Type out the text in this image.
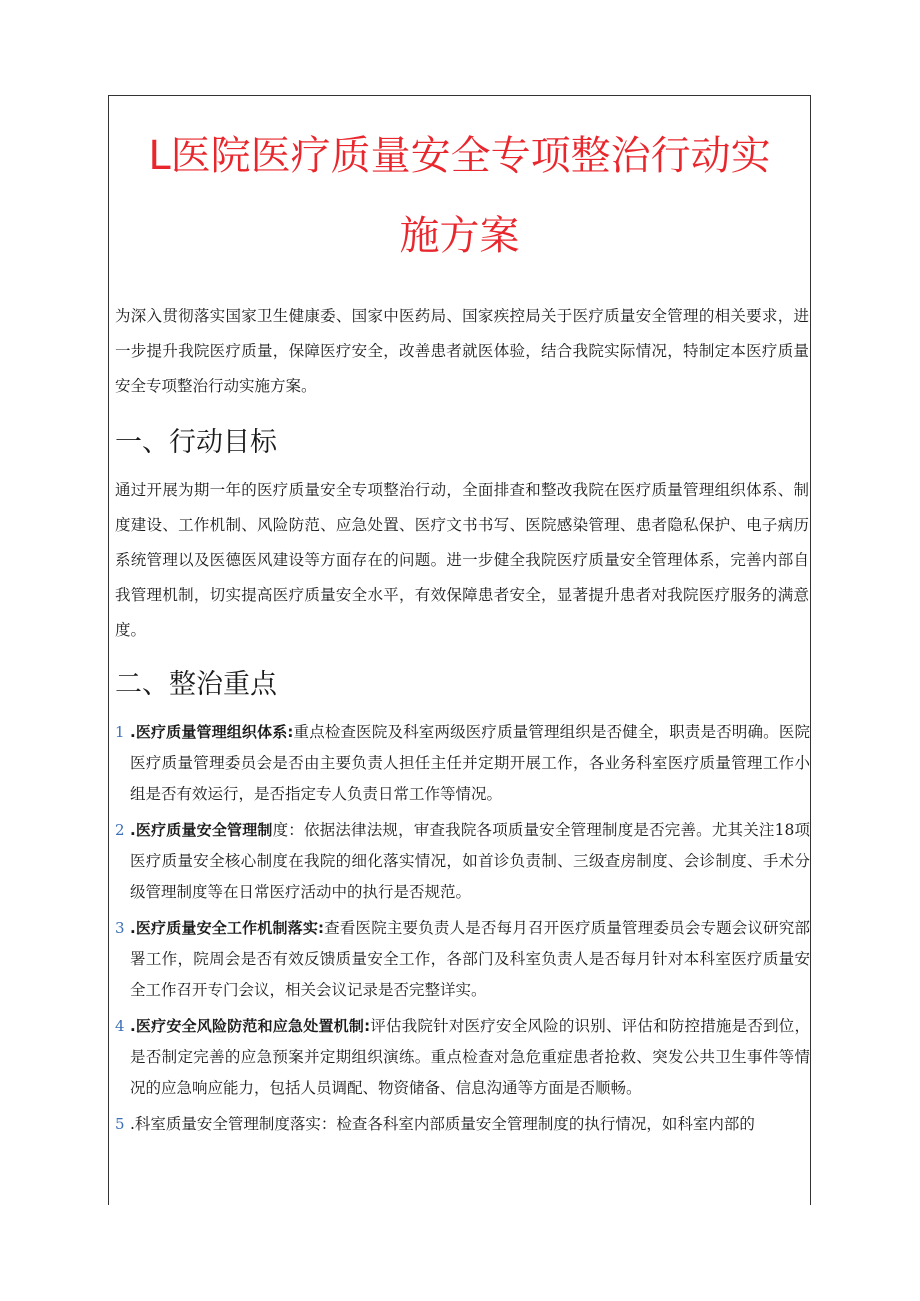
L医院医疗质量安全专项整治行动实
施方案

为深入贯彻落实国家卫生健康委、国家中医药局、国家疾控局关于医疗质量安全管理的相关要求，进一步提升我院医疗质量，保障医疗安全，改善患者就医体验，结合我院实际情况，特制定本医疗质量安全专项整治行动实施方案。

一、行动目标

通过开展为期一年的医疗质量安全专项整治行动，全面排查和整改我院在医疗质量管理组织体系、制度建设、工作机制、风险防范、应急处置、医疗文书书写、医院感染管理、患者隐私保护、电子病历系统管理以及医德医风建设等方面存在的问题。进一步健全我院医疗质量安全管理体系，完善内部自我管理机制，切实提高医疗质量安全水平，有效保障患者安全，显著提升患者对我院医疗服务的满意度。

二、整治重点
1 .医疗质量管理组织体系:重点检查医院及科室两级医疗质量管理组织是否健全，职责是否明确。医院医疗质量管理委员会是否由主要负责人担任主任并定期开展工作，各业务科室医疗质量管理工作小组是否有效运行，是否指定专人负责日常工作等情况。
2 .医疗质量安全管理制度：依据法律法规，审查我院各项质量安全管理制度是否完善。尤其关注18项医疗质量安全核心制度在我院的细化落实情况，如首诊负责制、三级查房制度、会诊制度、手术分级管理制度等在日常医疗活动中的执行是否规范。
3 .医疗质量安全工作机制落实:查看医院主要负责人是否每月召开医疗质量管理委员会专题会议研究部署工作，院周会是否有效反馈质量安全工作，各部门及科室负责人是否每月针对本科室医疗质量安全工作召开专门会议，相关会议记录是否完整详实。
4 .医疗安全风险防范和应急处置机制:评估我院针对医疗安全风险的识别、评估和防控措施是否到位，是否制定完善的应急预案并定期组织演练。重点检查对急危重症患者抢救、突发公共卫生事件等情况的应急响应能力，包括人员调配、物资储备、信息沟通等方面是否顺畅。
5 .科室质量安全管理制度落实：检查各科室内部质量安全管理制度的执行情况，如科室内部的
